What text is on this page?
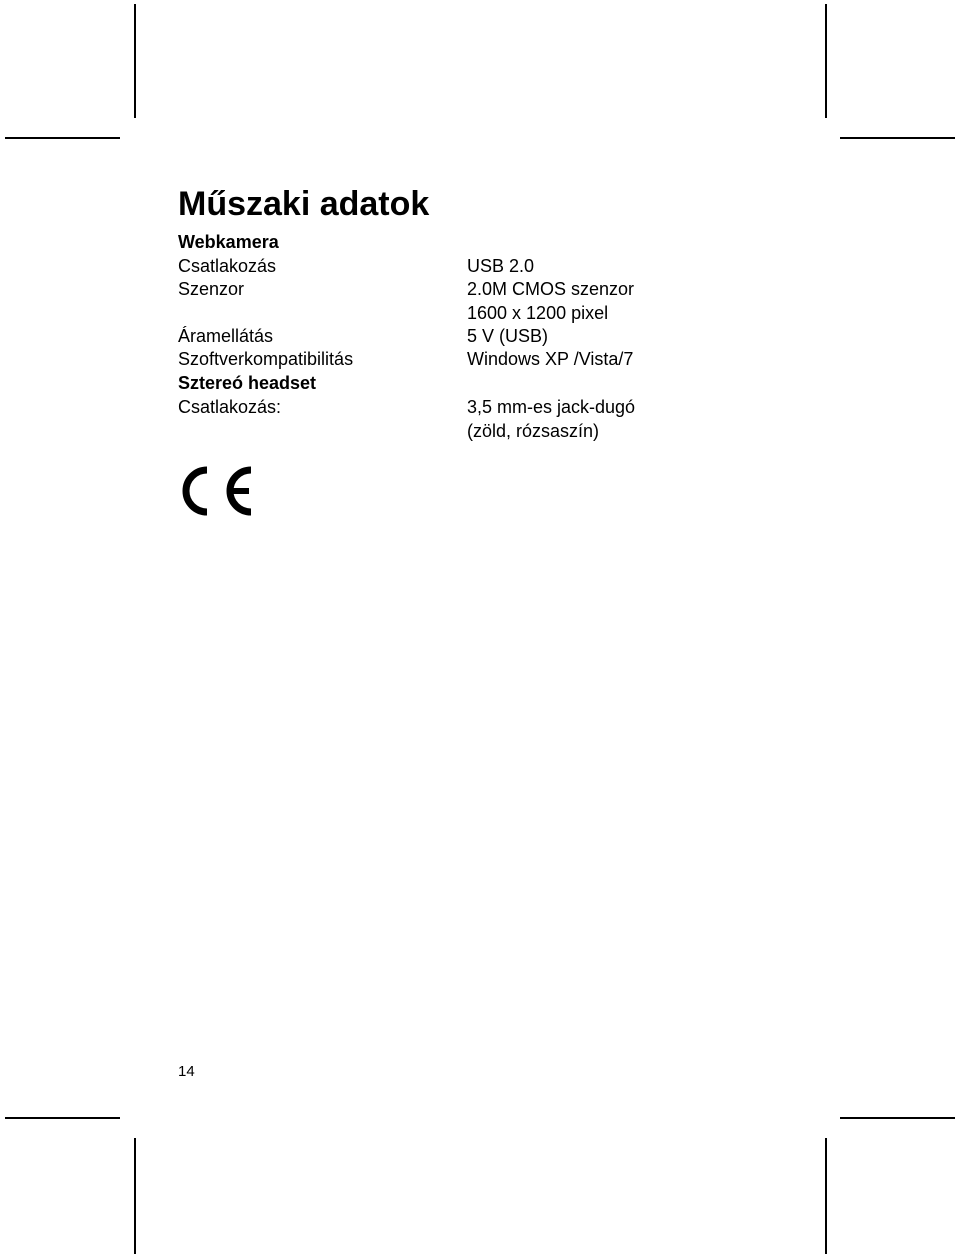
Műszaki adatok
Webkamera
Csatlakozás	USB 2.0
Szenzor	2.0M CMOS szenzor
1600 x 1200 pixel
Áramellátás	5 V (USB)
Szoftverkompatibilitás	Windows XP /Vista/7
Sztereó headset
Csatlakozás:	3,5 mm-es jack-dugó
(zöld, rózsaszín)
14
